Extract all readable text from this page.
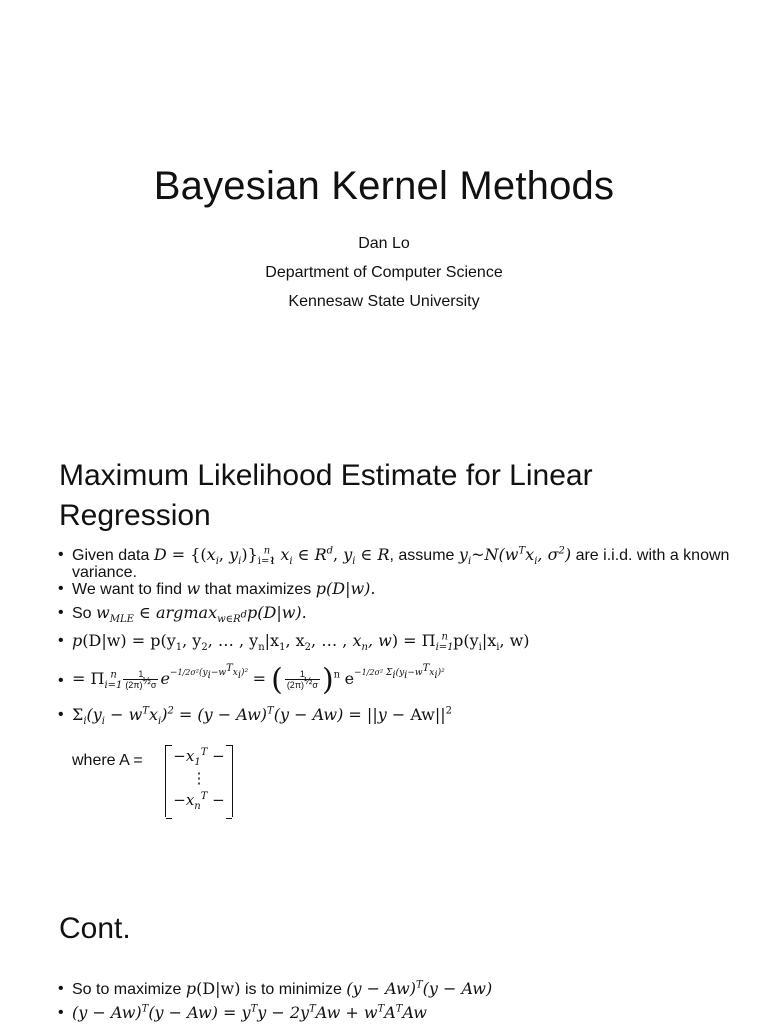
Bayesian Kernel Methods
Dan Lo
Department of Computer Science
Kennesaw State University
Maximum Likelihood Estimate for Linear Regression
• Given data $D = \{(x_i$, $y_i)\}_{i=1}^n$, $x_i$ ∈ $R^d$, $y_i$ ∈ R, assume $y_i\sim N(w^Tx_i$, $\sigma^2$) are i.i.d. with a known variance.
• We want to find w that maximizes p(D|w).
• So $w_{MLE}$ ∈ argmax$_{w\in R^d}$p(D|w).
• $p(D|w) = p(y_1$, $y_2$, … , $y_n|x_1$, $x_2$, … , $x_n$, $w) = \Pi_{i=1}^n$ $p(y_i|x_i$, w)
• = $\Pi_{i=1}^n \frac{1}{(2\pi)^{\frac{1}{2}}\sigma} e^{-1/2\sigma^2(y_i-w^Tx_i)^2}$ = ( $\frac{1}{(2\pi)^{\frac{1}{2}}\sigma} )^n$ $e^{-1/2\sigma^2 \Sigma_i(y_i-w^Tx_i)^2}$
• $\Sigma_i(y_i - w^Tx_i)^2 = (y - Aw)^T(y - Aw) = ||y - Aw||^2$
where $A = -x_1^T$ −
⋮
$-x_n^T$ −
Cont.
• So to maximize p(D|w) is to minimize $(y - Aw)^T(y - Aw)$
• $(y - Aw)^T(y - Aw) = y^Ty - 2y^TAw + w^TA^TAw$
